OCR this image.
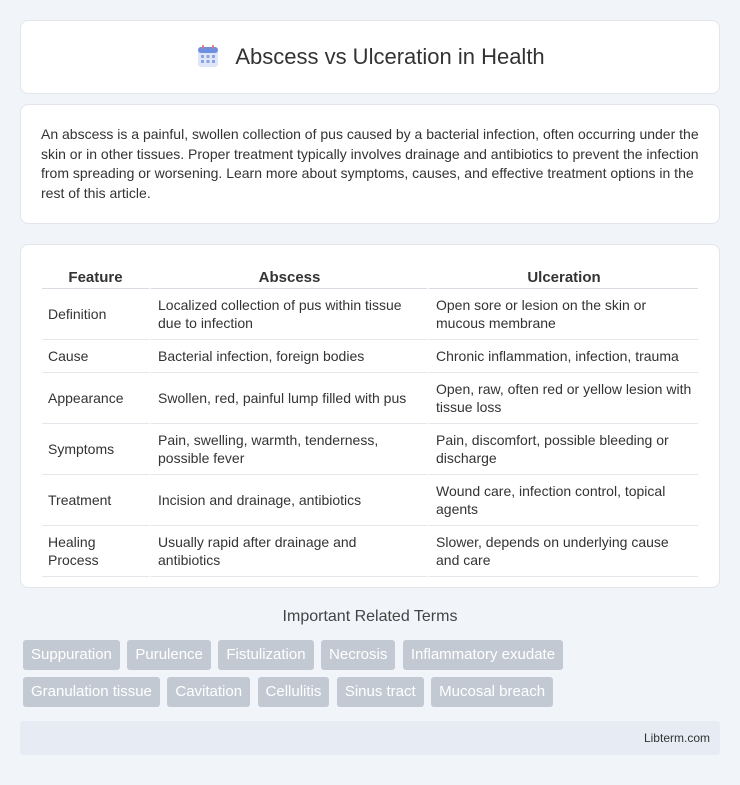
Abscess vs Ulceration in Health

An abscess is a painful, swollen collection of pus caused by a bacterial infection, often occurring under the skin or in other tissues. Proper treatment typically involves drainage and antibiotics to prevent the infection from spreading or worsening. Learn more about symptoms, causes, and effective treatment options in the rest of this article.

Feature	Abscess	Ulceration
Definition	Localized collection of pus within tissue due to infection	Open sore or lesion on the skin or mucous membrane
Cause	Bacterial infection, foreign bodies	Chronic inflammation, infection, trauma
Appearance	Swollen, red, painful lump filled with pus	Open, raw, often red or yellow lesion with tissue loss
Symptoms	Pain, swelling, warmth, tenderness, possible fever	Pain, discomfort, possible bleeding or discharge
Treatment	Incision and drainage, antibiotics	Wound care, infection control, topical agents
Healing Process	Usually rapid after drainage and antibiotics	Slower, depends on underlying cause and care
Important Related Terms
Suppuration Purulence Fistulization Necrosis Inflammatory exudate
Granulation tissue Cavitation Cellulitis Sinus tract Mucosal breach
Libterm.com
